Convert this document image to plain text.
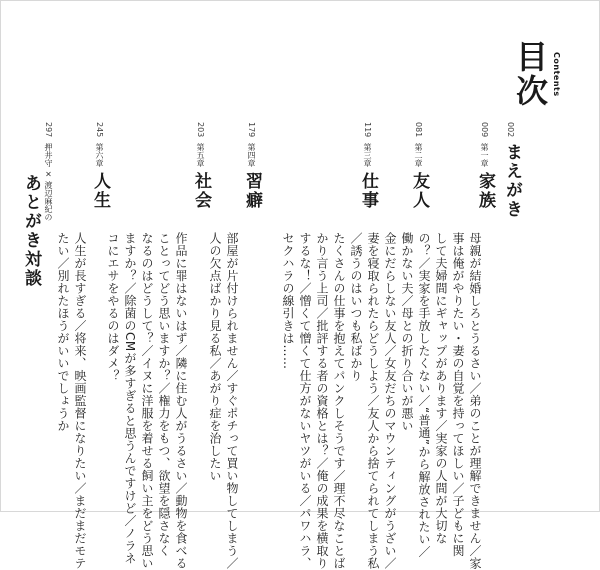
目次 Contents
002
まえがき
009
第一章
家族
母親が結婚しろとうるさい／弟のことが理解できません／家
事は俺がやりたい・妻の自覚を持ってほしい／子どもに関
して夫婦間にギャップがあります／実家の人間が大切な
の？／実家を手放したくない／“普通”から解放されたい／
働かない夫／母との折り合いが悪い
081
第二章
友人
金にだらしない友人／女友だちのマウンティングがうざい／
妻を寝取られたらどうしよう／友人から捨てられてしまう私
／誘うのはいつも私ばかり
119
第三章
仕事
たくさんの仕事を抱えてパンクしそうです／理不尽なことば
かり言う上司／批評する者の資格とは？／俺の成果を横取り
179
第四章
習癖
するな！／憎くて憎くて仕方がないヤツがいる／パワハラ、
セクハラの線引きは……
部屋が片付けられません／すぐポチって買い物してしまう／
人の欠点ばかり見る私／あがり症を治したい
203
第五章
社会
作品に罪はないはず／隣に住む人がうるさい／動物を食べる
ことってどう思いますか？／権力をもつ、欲望を隠さなく
なるのはどうして？／イヌに洋服を着せる飼い主をどう思い
ますか？／除菌のCMが多すぎると思うんですけど／ノラネ
コにエサをやるのはダメ？
245
第六章
人生
人生が長すぎる／将来、映画監督になりたい／まだまだモテ
たい／別れたほうがいいでしょうか
297
押井守 × 渡辺麻紀の
あとがき対談
